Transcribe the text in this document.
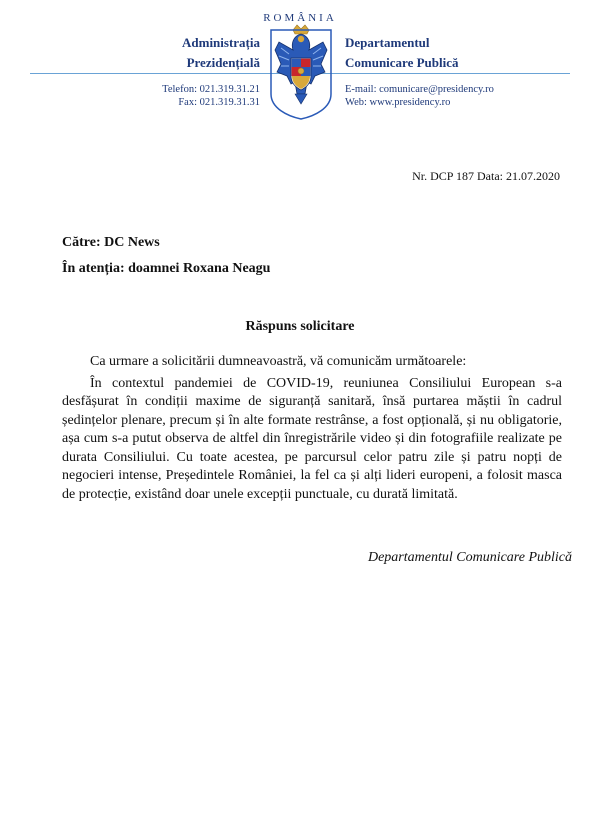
ROMÂNIA
Administrația
Prezidențială
Departamentul
Comunicare Publică
Telefon: 021.319.31.21
Fax: 021.319.31.31
E-mail: comunicare@presidency.ro
Web: www.presidency.ro
Nr. DCP 187 Data: 21.07.2020
Către: DC News
În atenția: doamnei Roxana Neagu
Răspuns solicitare

Ca urmare a solicitării dumneavoastră, vă comunicăm următoarele:

În contextul pandemiei de COVID-19, reuniunea Consiliului European s-a desfășurat în condiții maxime de siguranță sanitară, însă purtarea măștii în cadrul ședințelor plenare, precum și în alte formate restrânse, a fost opțională, și nu obligatorie, așa cum s-a putut observa de altfel din înregistrările video și din fotografiile realizate pe durata Consiliului. Cu toate acestea, pe parcursul celor patru zile și patru nopți de negocieri intense, Președintele României, la fel ca și alți lideri europeni, a folosit masca de protecție, existând doar unele excepții punctuale, cu durată limitată.

Departamentul Comunicare Publică
